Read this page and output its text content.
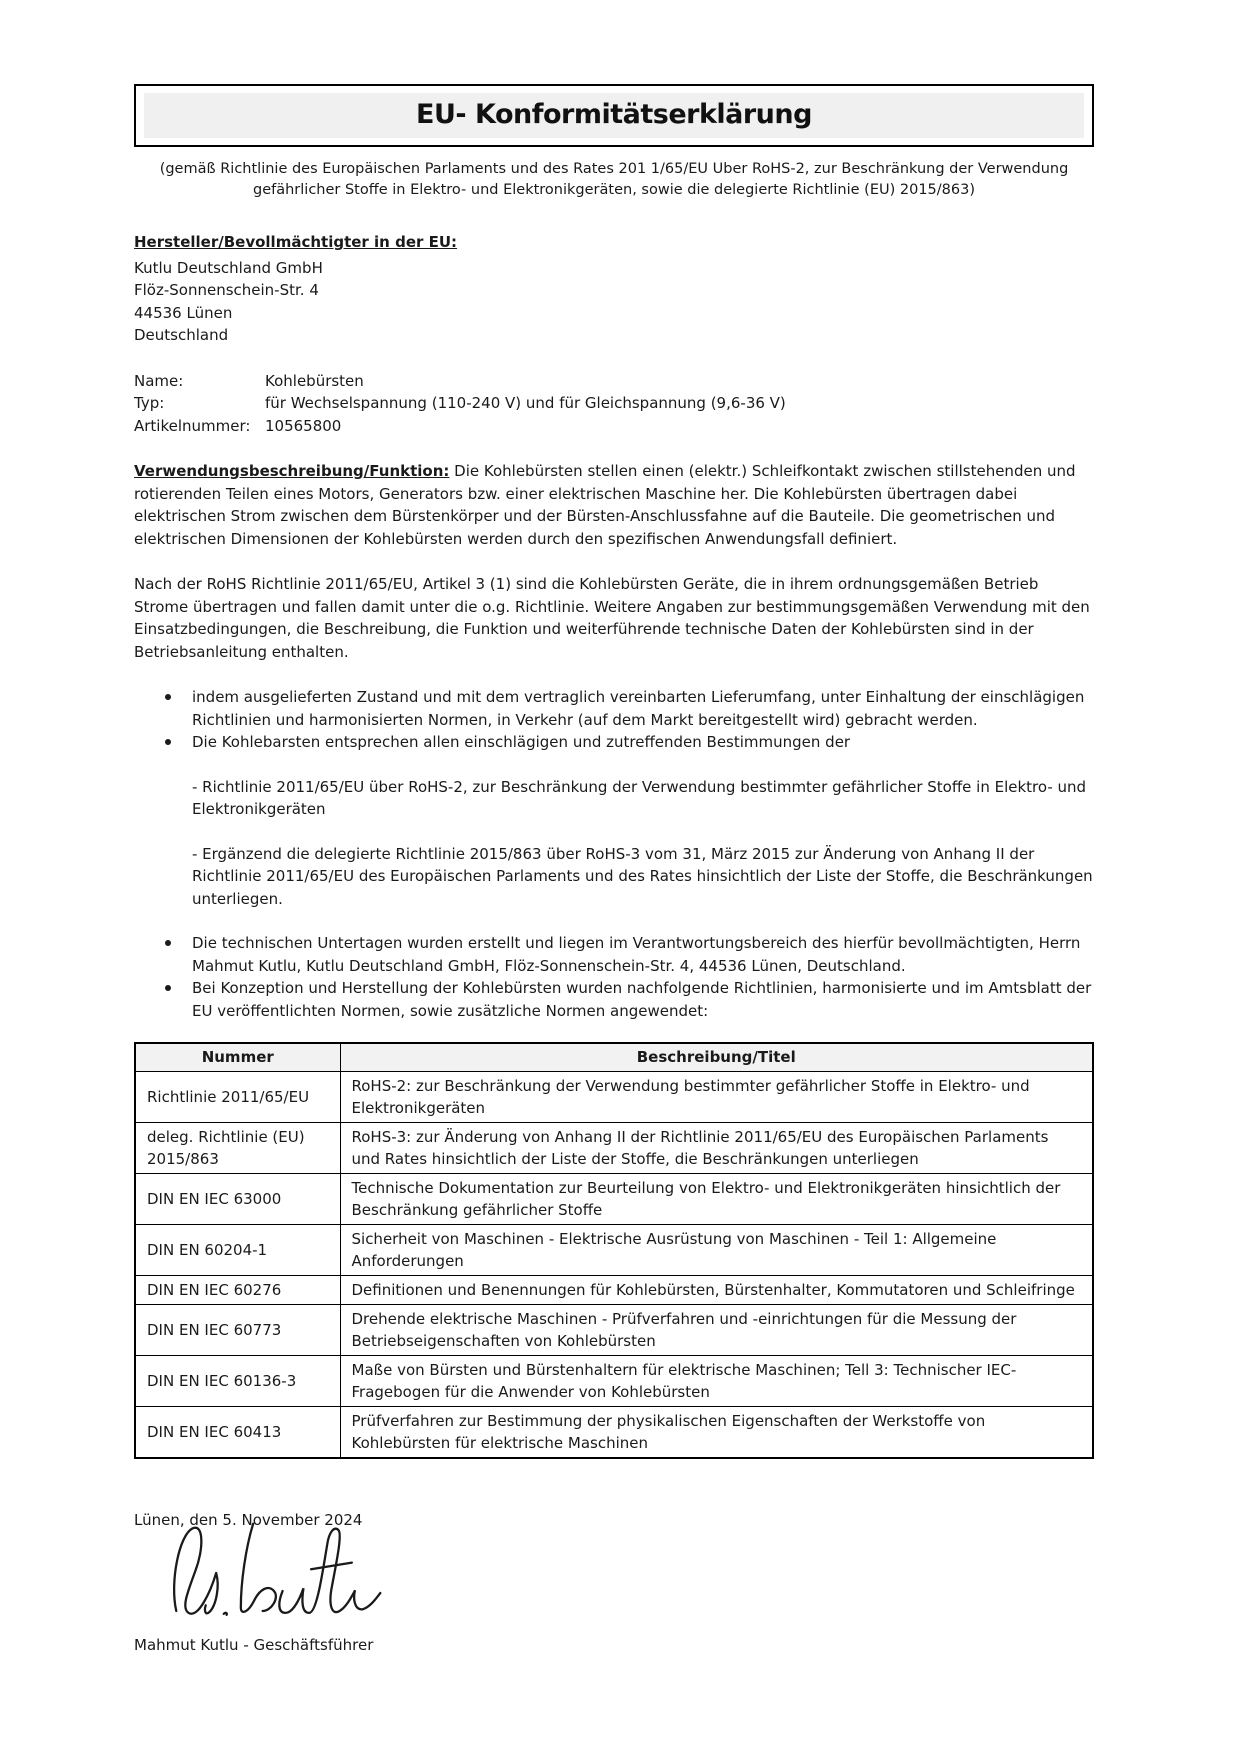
EU- Konformitätserklärung

(gemäß Richtlinie des Europäischen Parlaments und des Rates 201 1/65/EU Uber RoHS-2, zur Beschränkung der Verwendung gefährlicher Stoffe in Elektro- und Elektronikgeräten, sowie die delegierte Richtlinie (EU) 2015/863)

Hersteller/Bevollmächtigter in der EU:
Kutlu Deutschland GmbH
Flöz-Sonnenschein-Str. 4
44536 Lünen
Deutschland
Name:	Kohlebürsten
Typ:	für Wechselspannung (110-240 V) und für Gleichspannung (9,6-36 V)
Artikelnummer: 10565800

Verwendungsbeschreibung/Funktion: Die Kohlebürsten stellen einen (elektr.) Schleifkontakt zwischen stillstehenden und rotierenden Teilen eines Motors, Generators bzw. einer elektrischen Maschine her. Die Kohlebürsten übertragen dabei elektrischen Strom zwischen dem Bürstenkörper und der Bürsten-Anschlussfahne auf die Bauteile. Die geometrischen und elektrischen Dimensionen der Kohlebürsten werden durch den spezifischen Anwendungsfall definiert.

Nach der RoHS Richtlinie 2011/65/EU, Artikel 3 (1) sind die Kohlebürsten Geräte, die in ihrem ordnungsgemäßen Betrieb Strome übertragen und fallen damit unter die o.g. Richtlinie. Weitere Angaben zur bestimmungsgemäßen Verwendung mit den Einsatzbedingungen, die Beschreibung, die Funktion und weiterführende technische Daten der Kohlebürsten sind in der Betriebsanleitung enthalten.

indem ausgelieferten Zustand und mit dem vertraglich vereinbarten Lieferumfang, unter Einhaltung der einschlägigen Richtlinien und harmonisierten Normen, in Verkehr (auf dem Markt bereitgestellt wird) gebracht werden.
Die Kohlebarsten entsprechen allen einschlägigen und zutreffenden Bestimmungen der
- Richtlinie 2011/65/EU über RoHS-2, zur Beschränkung der Verwendung bestimmter gefährlicher Stoffe in Elektro- und Elektronikgeräten
- Ergänzend die delegierte Richtlinie 2015/863 über RoHS-3 vom 31, März 2015 zur Änderung von Anhang II der Richtlinie 2011/65/EU des Europäischen Parlaments und des Rates hinsichtlich der Liste der Stoffe, die Beschränkungen unterliegen.
Die technischen Untertagen wurden erstellt und liegen im Verantwortungsbereich des hierfür bevollmächtigten, Herrn Mahmut Kutlu, Kutlu Deutschland GmbH, Flöz-Sonnenschein-Str. 4, 44536 Lünen, Deutschland.
Bei Konzeption und Herstellung der Kohlebürsten wurden nachfolgende Richtlinien, harmonisierte und im Amtsblatt der EU veröffentlichten Normen, sowie zusätzliche Normen angewendet:
Nummer	Beschreibung/Titel
Richtlinie 2011/65/EU	RoHS-2: zur Beschränkung der Verwendung bestimmter gefährlicher Stoffe in Elektro- und Elektronikgeräten
deleg. Richtlinie (EU) 2015/863	RoHS-3: zur Änderung von Anhang II der Richtlinie 2011/65/EU des Europäischen Parlaments und Rates hinsichtlich der Liste der Stoffe, die Beschränkungen unterliegen
DIN EN IEC 63000	Technische Dokumentation zur Beurteilung von Elektro- und Elektronikgeräten hinsichtlich der Beschränkung gefährlicher Stoffe
DIN EN 60204-1	Sicherheit von Maschinen - Elektrische Ausrüstung von Maschinen - Teil 1: Allgemeine Anforderungen
DIN EN IEC 60276	Definitionen und Benennungen für Kohlebürsten, Bürstenhalter, Kommutatoren und Schleifringe
DIN EN IEC 60773	Drehende elektrische Maschinen - Prüfverfahren und -einrichtungen für die Messung der Betriebseigenschaften von Kohlebürsten
DIN EN IEC 60136-3	Maße von Bürsten und Bürstenhaltern für elektrische Maschinen; Tell 3: Technischer IEC-Fragebogen für die Anwender von Kohlebürsten
DIN EN IEC 60413	Prüfverfahren zur Bestimmung der physikalischen Eigenschaften der Werkstoffe von Kohlebürsten für elektrische Maschinen
Lünen, den 5. November 2024
Mahmut Kutlu - Geschäftsführer
